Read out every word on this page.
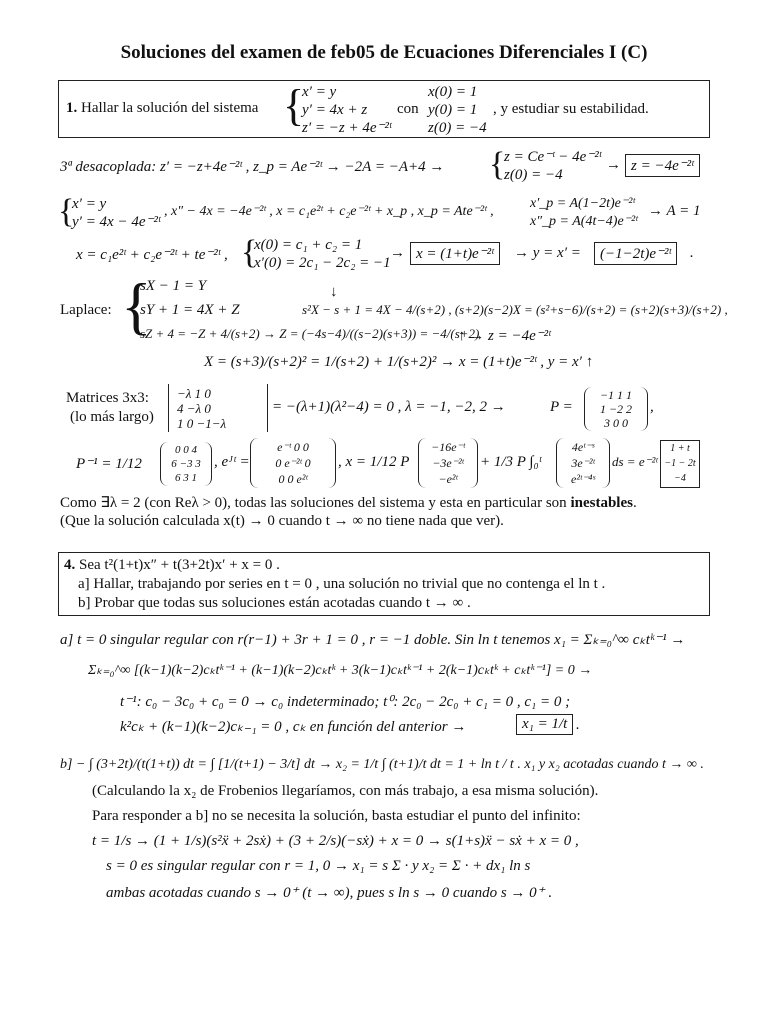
Soluciones del examen de feb05 de Ecuaciones Diferenciales I (C)
1. Hallar la solución del sistema {
x′ = y
y′ = 4x + z
z′ = −z + 4e⁻²ᵗ
con
x(0) = 1
y(0) = 1
z(0) = −4
, y estudiar su estabilidad.
3ª desacoplada: z′ = −z+4e⁻²ᵗ , z_p = Ae⁻²ᵗ → −2A = −A+4 → {
z = Ce⁻ᵗ − 4e⁻²ᵗ
z(0) = −4
→ z = −4e⁻²ᵗ
{
x′ = y
y′ = 4x − 4e⁻²ᵗ
, x″ − 4x = −4e⁻²ᵗ , x = c₁e²ᵗ + c₂e⁻²ᵗ + x_p , x_p = Ate⁻²ᵗ ,
x′_p = A(1−2t)e⁻²ᵗ
x″_p = A(4t−4)e⁻²ᵗ
→ A = 1
x = c₁e²ᵗ + c₂e⁻²ᵗ + te⁻²ᵗ , {
x(0) = c₁ + c₂ = 1
x′(0) = 2c₁ − 2c₂ = −1
→ x = (1+t)e⁻²ᵗ	→ y = x′ =	(−1−2t)e⁻²ᵗ	.
Laplace: {
sX − 1 = Y
sY + 1 = 4X + Z
sZ + 4 = −Z + 4/(s+2) → Z = (−4s−4)/((s−2)(s+3)) = −4/(s+2)
↓
s²X − s + 1 = 4X − 4/(s+2) , (s+2)(s−2)X = (s²+s−6)/(s+2) = (s+2)(s+3)/(s+2) ,
↑ → z = −4e⁻²ᵗ
X = (s+3)/(s+2)² = 1/(s+2) + 1/(s+2)² → x = (1+t)e⁻²ᵗ , y = x′ ↑
Matrices 3x3:
(lo más largo)
−λ 1 0
4 −λ 0
1 0 −1−λ
= −(λ+1)(λ²−4) = 0 , λ = −1, −2, 2 →	P =
−1 1 1
1 −2 2
3 0 0
,
P⁻¹ = 1/12
0 0 4
6 −3 3
6 3 1
, eᴶᵗ =
e⁻ᵗ 0 0
0 e⁻²ᵗ 0
0 0 e²ᵗ
, x = 1/12 P
−16e⁻ᵗ
−3e⁻²ᵗ
−e²ᵗ
+ 1/3 P ∫₀ᵗ
4eᵗ⁻ˢ
3e⁻²ᵗ
e²ᵗ⁻⁴ˢ
ds = e⁻²ᵗ
1 + t
−1 − 2t
−4
Como ∃λ = 2 (con Reλ > 0), todas las soluciones del sistema y esta en particular son inestables.
(Que la solución calculada x(t) → 0 cuando t → ∞ no tiene nada que ver).
4. Sea t²(1+t)x″ + t(3+2t)x′ + x = 0 .
a] Hallar, trabajando por series en t = 0 , una solución no trivial que no contenga el ln t .
b] Probar que todas sus soluciones están acotadas cuando t → ∞ .
a] t = 0 singular regular con r(r−1) + 3r + 1 = 0 , r = −1 doble. Sin ln t tenemos x₁ = Σₖ₌₀^∞ cₖtᵏ⁻¹ →
Σₖ₌₀^∞ [(k−1)(k−2)cₖtᵏ⁻¹ + (k−1)(k−2)cₖtᵏ + 3(k−1)cₖtᵏ⁻¹ + 2(k−1)cₖtᵏ + cₖtᵏ⁻¹] = 0 →
t⁻¹: c₀ − 3c₀ + c₀ = 0 → c₀ indeterminado; t⁰: 2c₀ − 2c₀ + c₁ = 0 , c₁ = 0 ;
k²cₖ + (k−1)(k−2)cₖ₋₁ = 0 , cₖ en función del anterior →	x₁ = 1/t .
b] − ∫ (3+2t)/(t(1+t)) dt = ∫ [1/(t+1) − 3/t] dt → x₂ = 1/t ∫ (t+1)/t dt = 1 + ln t / t . x₁ y x₂ acotadas cuando t → ∞ .
(Calculando la x₂ de Frobenios llegaríamos, con más trabajo, a esa misma solución).
Para responder a b] no se necesita la solución, basta estudiar el punto del infinito:
t = 1/s → (1 + 1/s)(s²ẍ + 2sẋ) + (3 + 2/s)(−sẋ) + x = 0 → s(1+s)ẍ − sẋ + x = 0 ,
s = 0 es singular regular con r = 1, 0 → x₁ = s Σ · y x₂ = Σ · + dx₁ ln s
ambas acotadas cuando s → 0⁺ (t → ∞), pues s ln s → 0 cuando s → 0⁺ .
